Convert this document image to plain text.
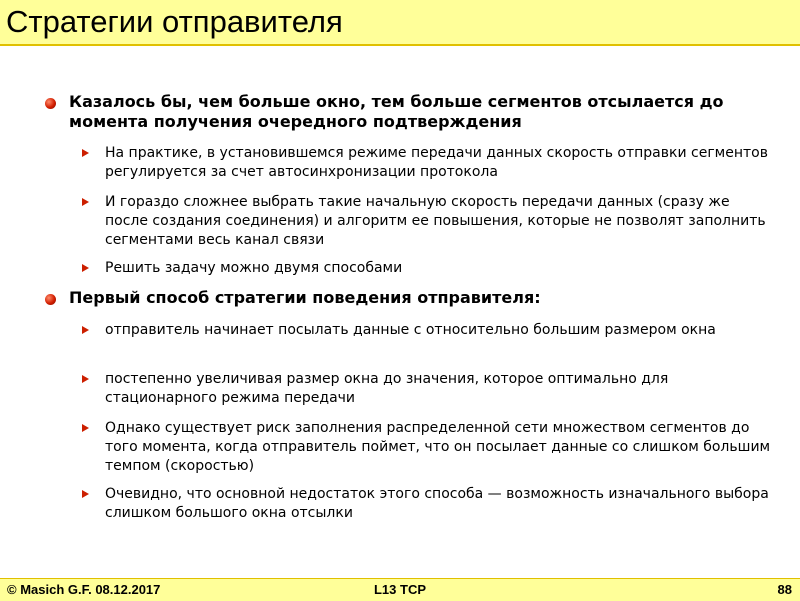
Стратегии отправителя
Казалось бы, чем больше окно, тем больше сегментов отсылается до момента получения очередного подтверждения
На практике, в установившемся режиме передачи данных скорость отправки сегментов регулируется за счет автосинхронизации протокола
И гораздо сложнее выбрать такие начальную скорость передачи данных (сразу же после создания соединения) и алгоритм ее повышения, которые не позволят заполнить сегментами весь канал связи
Решить задачу можно двумя способами
Первый способ стратегии поведения отправителя:
отправитель начинает посылать данные с относительно большим размером окна
постепенно увеличивая размер окна до значения, которое оптимально для стационарного режима передачи
Однако существует риск заполнения распределенной сети множеством сегментов до того момента, когда отправитель поймет, что он посылает данные со слишком большим темпом (скоростью)
Очевидно, что основной недостаток этого способа — возможность изначального выбора слишком большого окна отсылки
© Masich G.F. 08.12.2017	L13 TCP	88
